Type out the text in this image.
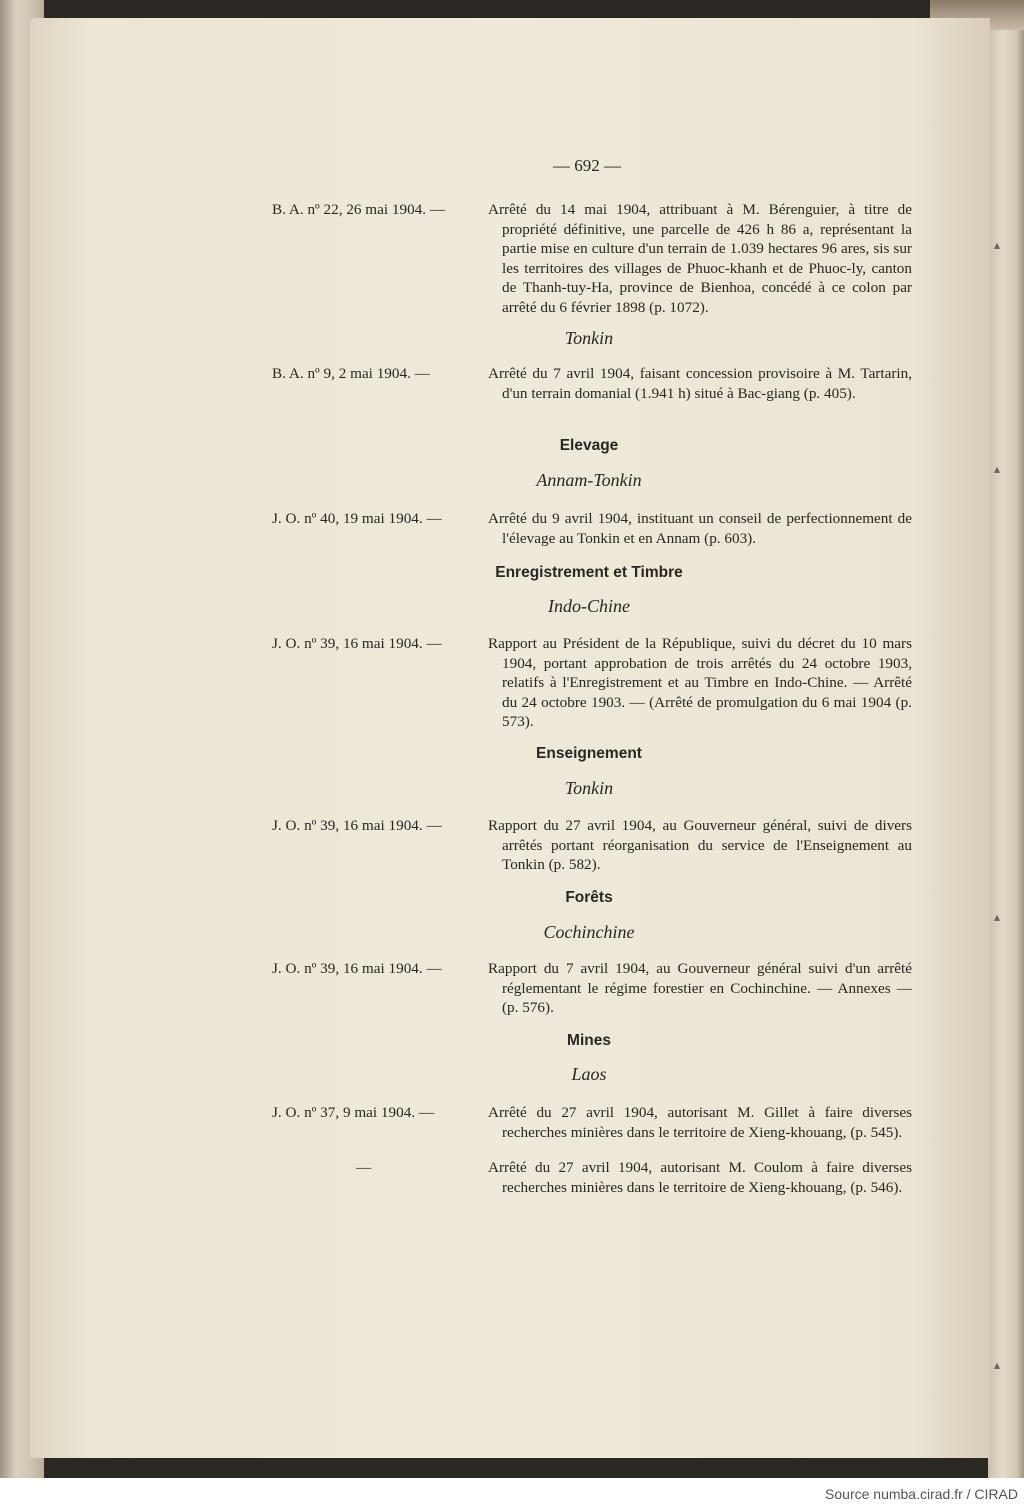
— 692 —
B. A. nº 22, 26 mai 1904. —	Arrêté du 14 mai 1904, attribuant à M. Bérenguier, à titre de propriété définitive, une parcelle de 426 h 86 a, représentant la partie mise en culture d'un terrain de 1.039 hectares 96 ares, sis sur les territoires des villages de Phuoc-khanh et de Phuoc-ly, canton de Thanh-tuy-Ha, province de Bienhoa, concédé à ce colon par arrêté du 6 février 1898 (p. 1072).
Tonkin
B. A. nº 9, 2 mai 1904. —	Arrêté du 7 avril 1904, faisant concession provisoire à M. Tartarin, d'un terrain domanial (1.941 h) situé à Bac-giang (p. 405).
Elevage
Annam-Tonkin
J. O. nº 40, 19 mai 1904. —	Arrêté du 9 avril 1904, instituant un conseil de perfectionnement de l'élevage au Tonkin et en Annam (p. 603).
Enregistrement et Timbre
Indo-Chine
J. O. nº 39, 16 mai 1904. —	Rapport au Président de la République, suivi du décret du 10 mars 1904, portant approbation de trois arrêtés du 24 octobre 1903, relatifs à l'Enregistrement et au Timbre en Indo-Chine. — Arrêté du 24 octobre 1903. — (Arrêté de promulgation du 6 mai 1904 (p. 573).
Enseignement
Tonkin
J. O. nº 39, 16 mai 1904. —	Rapport du 27 avril 1904, au Gouverneur général, suivi de divers arrêtés portant réorganisation du service de l'Enseignement au Tonkin (p. 582).
Forêts
Cochinchine
J. O. nº 39, 16 mai 1904. —	Rapport du 7 avril 1904, au Gouverneur général suivi d'un arrêté réglementant le régime forestier en Cochinchine. — Annexes — (p. 576).
Mines
Laos
J. O. nº 37, 9 mai 1904. —	Arrêté du 27 avril 1904, autorisant M. Gillet à faire diverses recherches minières dans le territoire de Xieng-khouang, (p. 545).
—	Arrêté du 27 avril 1904, autorisant M. Coulom à faire diverses recherches minières dans le territoire de Xieng-khouang, (p. 546).
▴
▴
▴
▴
Source numba.cirad.fr / CIRAD
